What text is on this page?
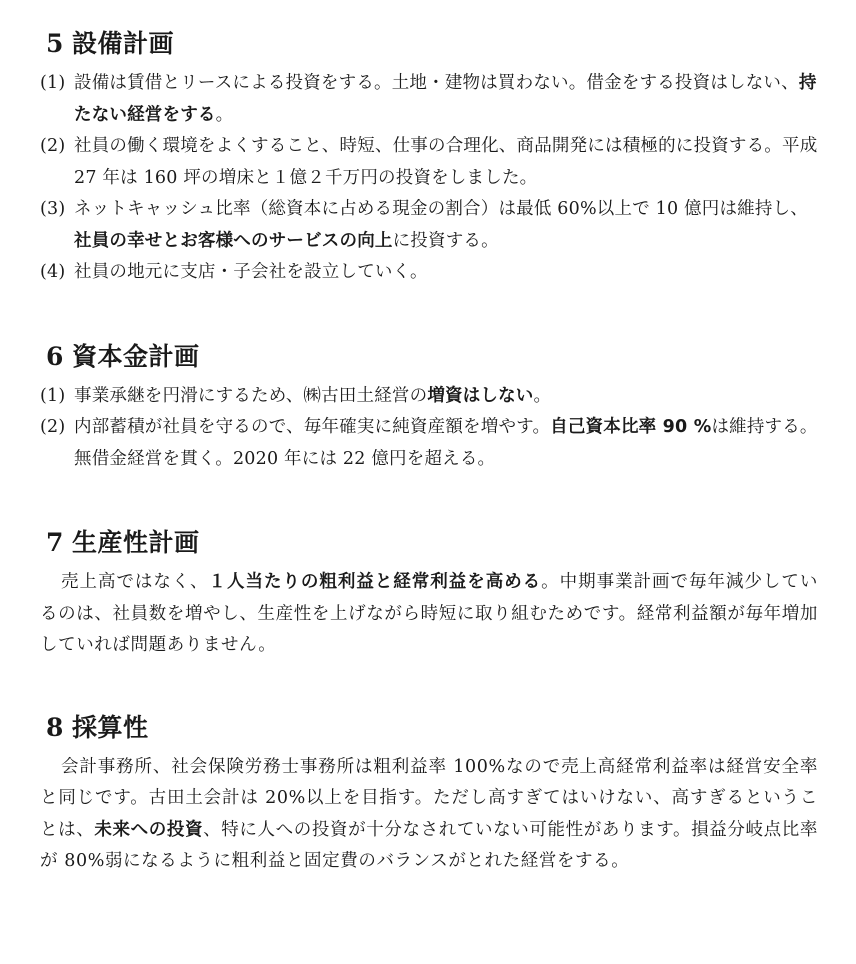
5 設備計画
(1) 設備は賃借とリースによる投資をする。土地・建物は買わない。借金をする投資はしない、持たない経営をする。
(2) 社員の働く環境をよくすること、時短、仕事の合理化、商品開発には積極的に投資する。平成 27 年は 160 坪の増床と１億２千万円の投資をしました。
(3) ネットキャッシュ比率（総資本に占める現金の割合）は最低 60%以上で 10 億円は維持し、社員の幸せとお客様へのサービスの向上に投資する。
(4) 社員の地元に支店・子会社を設立していく。
6 資本金計画
(1) 事業承継を円滑にするため、㈱古田土経営の増資はしない。
(2) 内部蓄積が社員を守るので、毎年確実に純資産額を増やす。自己資本比率 90 %は維持する。無借金経営を貫く。2020 年には 22 億円を超える。
7 生産性計画

売上高ではなく、１人当たりの粗利益と経常利益を高める。中期事業計画で毎年減少しているのは、社員数を増やし、生産性を上げながら時短に取り組むためです。経常利益額が毎年増加していれば問題ありません。

8 採算性

会計事務所、社会保険労務士事務所は粗利益率 100%なので売上高経常利益率は経営安全率と同じです。古田土会計は 20%以上を目指す。ただし高すぎてはいけない、高すぎるということは、未来への投資、特に人への投資が十分なされていない可能性があります。損益分岐点比率が 80%弱になるように粗利益と固定費のバランスがとれた経営をする。
